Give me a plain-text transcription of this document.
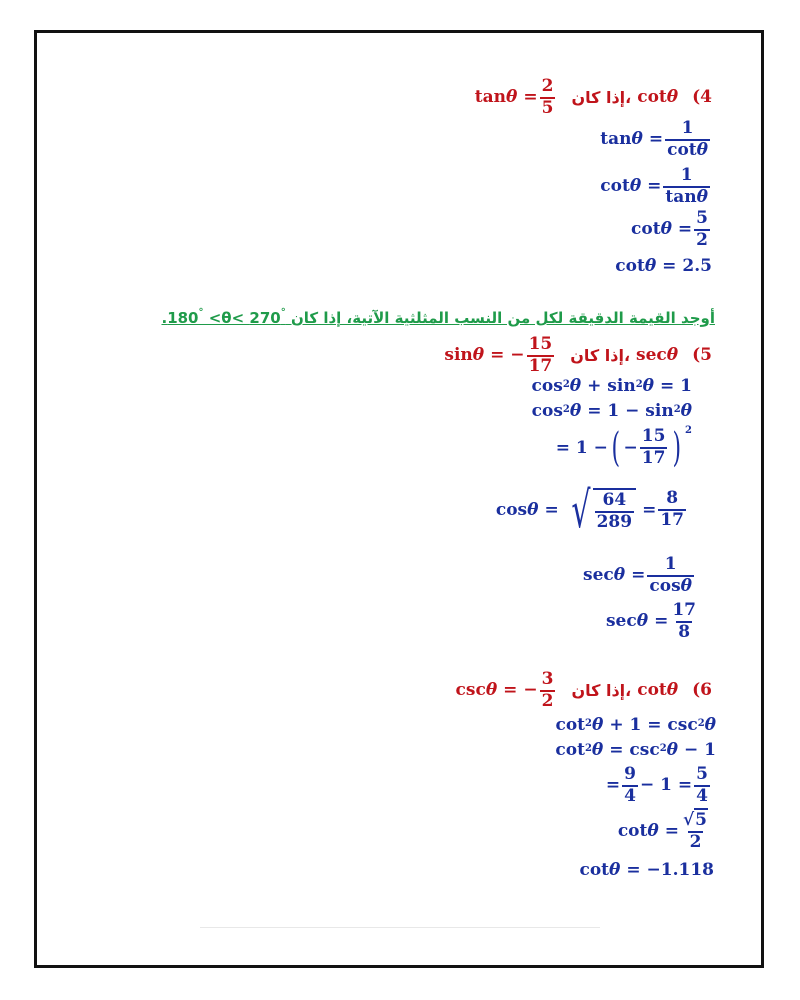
$\tan \theta = \frac{2}{5}$ إذا كان ، cot θ (4
$\tan \theta = \frac{1}{\cot\theta}$
$\cot \theta = \frac{1}{\tan\theta}$
$\cot \theta = \frac{5}{2}$
cot θ = 2.5
.180° <θ< 270° أوجد القيمة الدقيقة لكل من النسب المثلثية الآتية، إذا كان
sin θ = − $\frac{15}{17}$ إذا كان ، sec θ (5
cos 2 θ + sin 2 θ = 1
cos 2 θ = 1 − sin 2 θ
= 1 − ( − $\frac{15}{17}$ ) 2
cos θ = √ $\frac{64}{289} = \frac{8}{17}$
$\sec \theta = \frac{1}{\cos\theta}$
$\sec \theta = \frac{17}{8}$
csc θ = − $\frac{3}{2}$ إذا كان ، cot θ (6
cot 2 θ + 1 = csc 2 θ
cot 2 θ = csc 2 θ − 1
= $\frac{9}{4} - 1 = \frac{5}{4}$
$\cot \theta = \frac{√5}{2}$
cot θ = −1.118
